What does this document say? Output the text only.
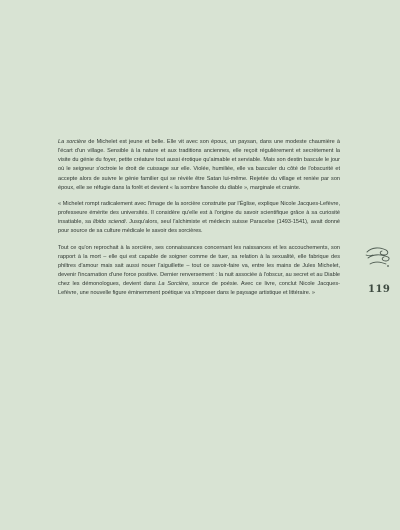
La sorcière de Michelet est jeune et belle. Elle vit avec son époux, un paysan, dans une modeste chaumière à l'écart d'un village. Sensible à la nature et aux traditions anciennes, elle reçoit régulièrement et secrètement la visite du génie du foyer, petite créature tout aussi érotique qu'aimable et serviable. Mais son destin bascule le jour où le seigneur s'octroie le droit de cuissage sur elle. Violée, humiliée, elle va basculer du côté de l'obscurité et accepte alors de suivre le génie familier qui se révèle être Satan lui-même. Rejetée du village et reniée par son époux, elle se réfugie dans la forêt et devient « la sombre fiancée du diable », marginale et crainte.

« Michelet rompt radicalement avec l'image de la sorcière construite par l'Église, explique Nicole Jacques-Lefèvre, professeure émérite des universités. Il considère qu'elle est à l'origine du savoir scientifique grâce à sa curiosité insatiable, sa libido sciendi. Jusqu'alors, seul l'alchimiste et médecin suisse Paracelse (1493-1541), avait donné pour source de sa culture médicale le savoir des sorcières.

Tout ce qu'on reprochait à la sorcière, ses connaissances concernant les naissances et les accouchements, son rapport à la mort – elle qui est capable de soigner comme de tuer, sa relation à la sexualité, elle fabrique des philtres d'amour mais sait aussi nouer l'aiguillette – tout ce savoir-faire va, entre les mains de Jules Michelet, devenir l'incarnation d'une force positive. Dernier renversement : la nuit associée à l'obscur, au secret et au Diable chez les démonologues, devient dans La Sorcière, source de poésie. Avec ce livre, conclut Nicole Jacques-Lefèvre, une nouvelle figure éminemment poétique va s'imposer dans le paysage artistique et littéraire. »	119
